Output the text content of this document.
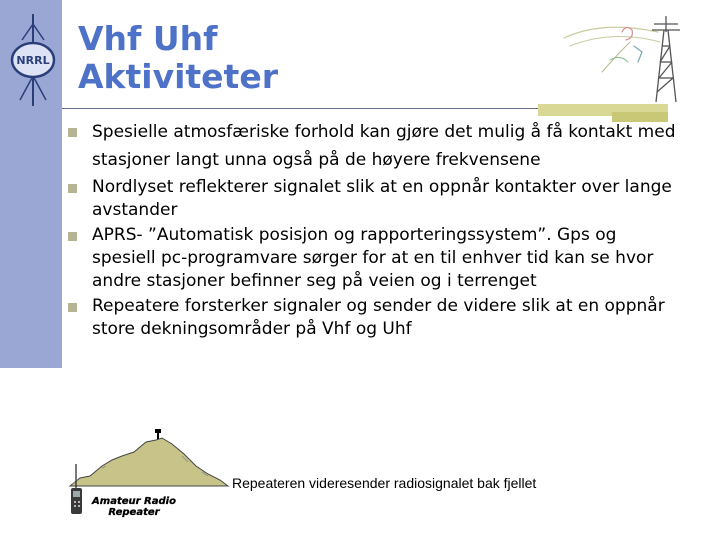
NRRL
Vhf Uhf
Aktiviteter
Spesielle atmosfæriske forhold kan gjøre det mulig å få kontakt med stasjoner langt unna også på de høyere frekvensene
Nordlyset reflekterer signalet slik at en oppnår kontakter over lange avstander
APRS- ”Automatisk posisjon og rapporteringssystem”. Gps og spesiell pc-programvare sørger for at en til enhver tid kan se hvor andre stasjoner befinner seg på veien og i terrenget
Repeatere forsterker signaler og sender de videre slik at en oppnår store dekningsområder på Vhf og Uhf
Amateur Radio
Repeater
Repeateren videresender radiosignalet bak fjellet
